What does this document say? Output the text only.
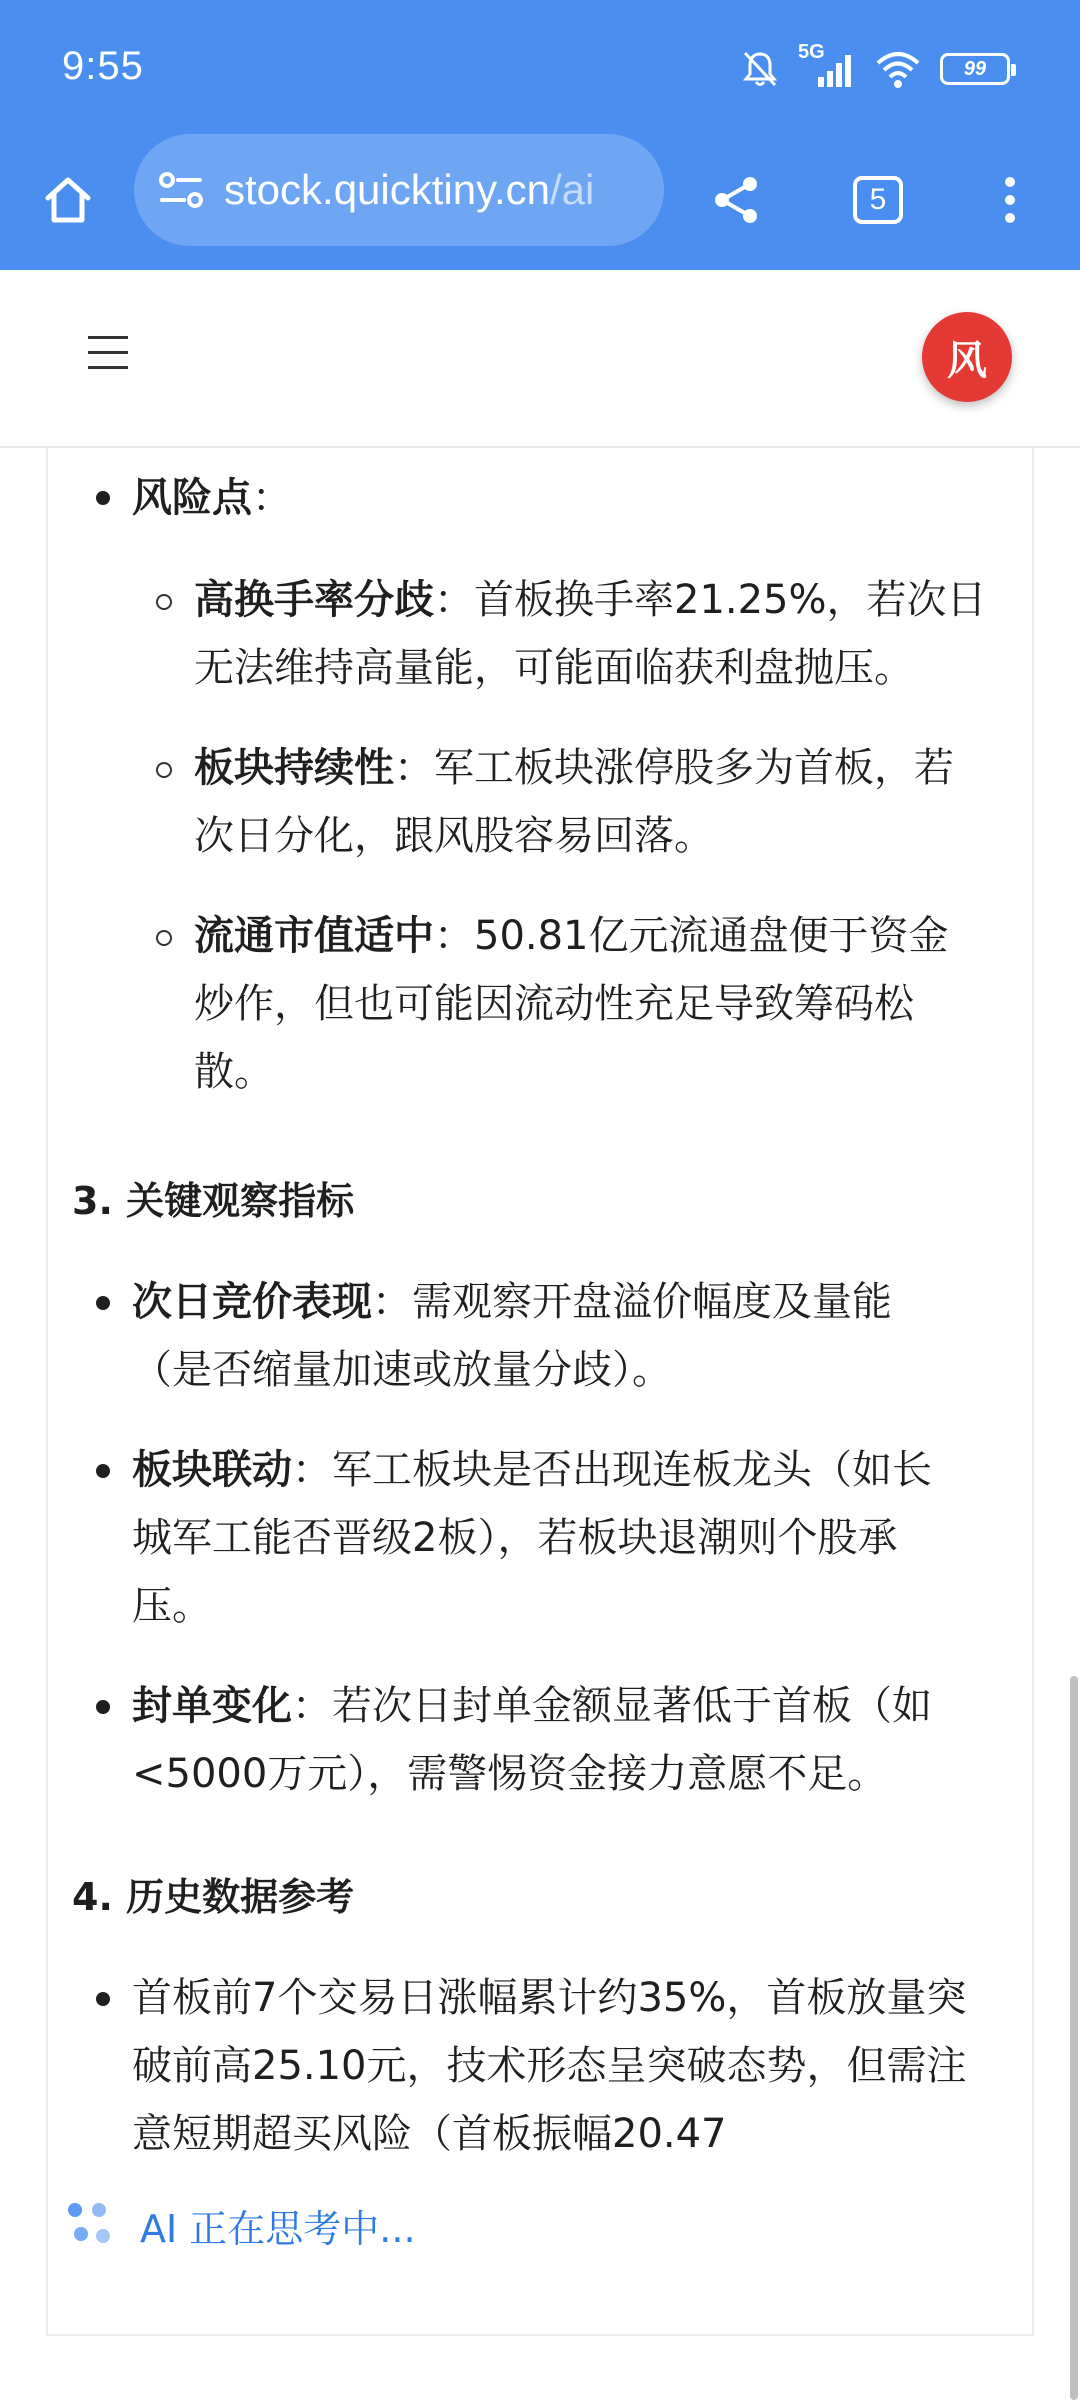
9:55	5G
99
stock.quicktiny.cn/ai	5
风
风险点：
高换手率分歧：首板换手率21.25%，若次日
无法维持高量能，可能面临获利盘抛压。
板块持续性：军工板块涨停股多为首板，若
次日分化，跟风股容易回落。
流通市值适中：50.81亿元流通盘便于资金
炒作，但也可能因流动性充足导致筹码松
散。
3. 关键观察指标
次日竞价表现：需观察开盘溢价幅度及量能
（是否缩量加速或放量分歧）。
板块联动：军工板块是否出现连板龙头（如长
城军工能否晋级2板），若板块退潮则个股承
压。
封单变化：若次日封单金额显著低于首板（如
<5000万元），需警惕资金接力意愿不足。
4. 历史数据参考
首板前7个交易日涨幅累计约35%，首板放量突
破前高25.10元，技术形态呈突破态势，但需注
意短期超买风险（首板振幅20.47
AI 正在思考中...
